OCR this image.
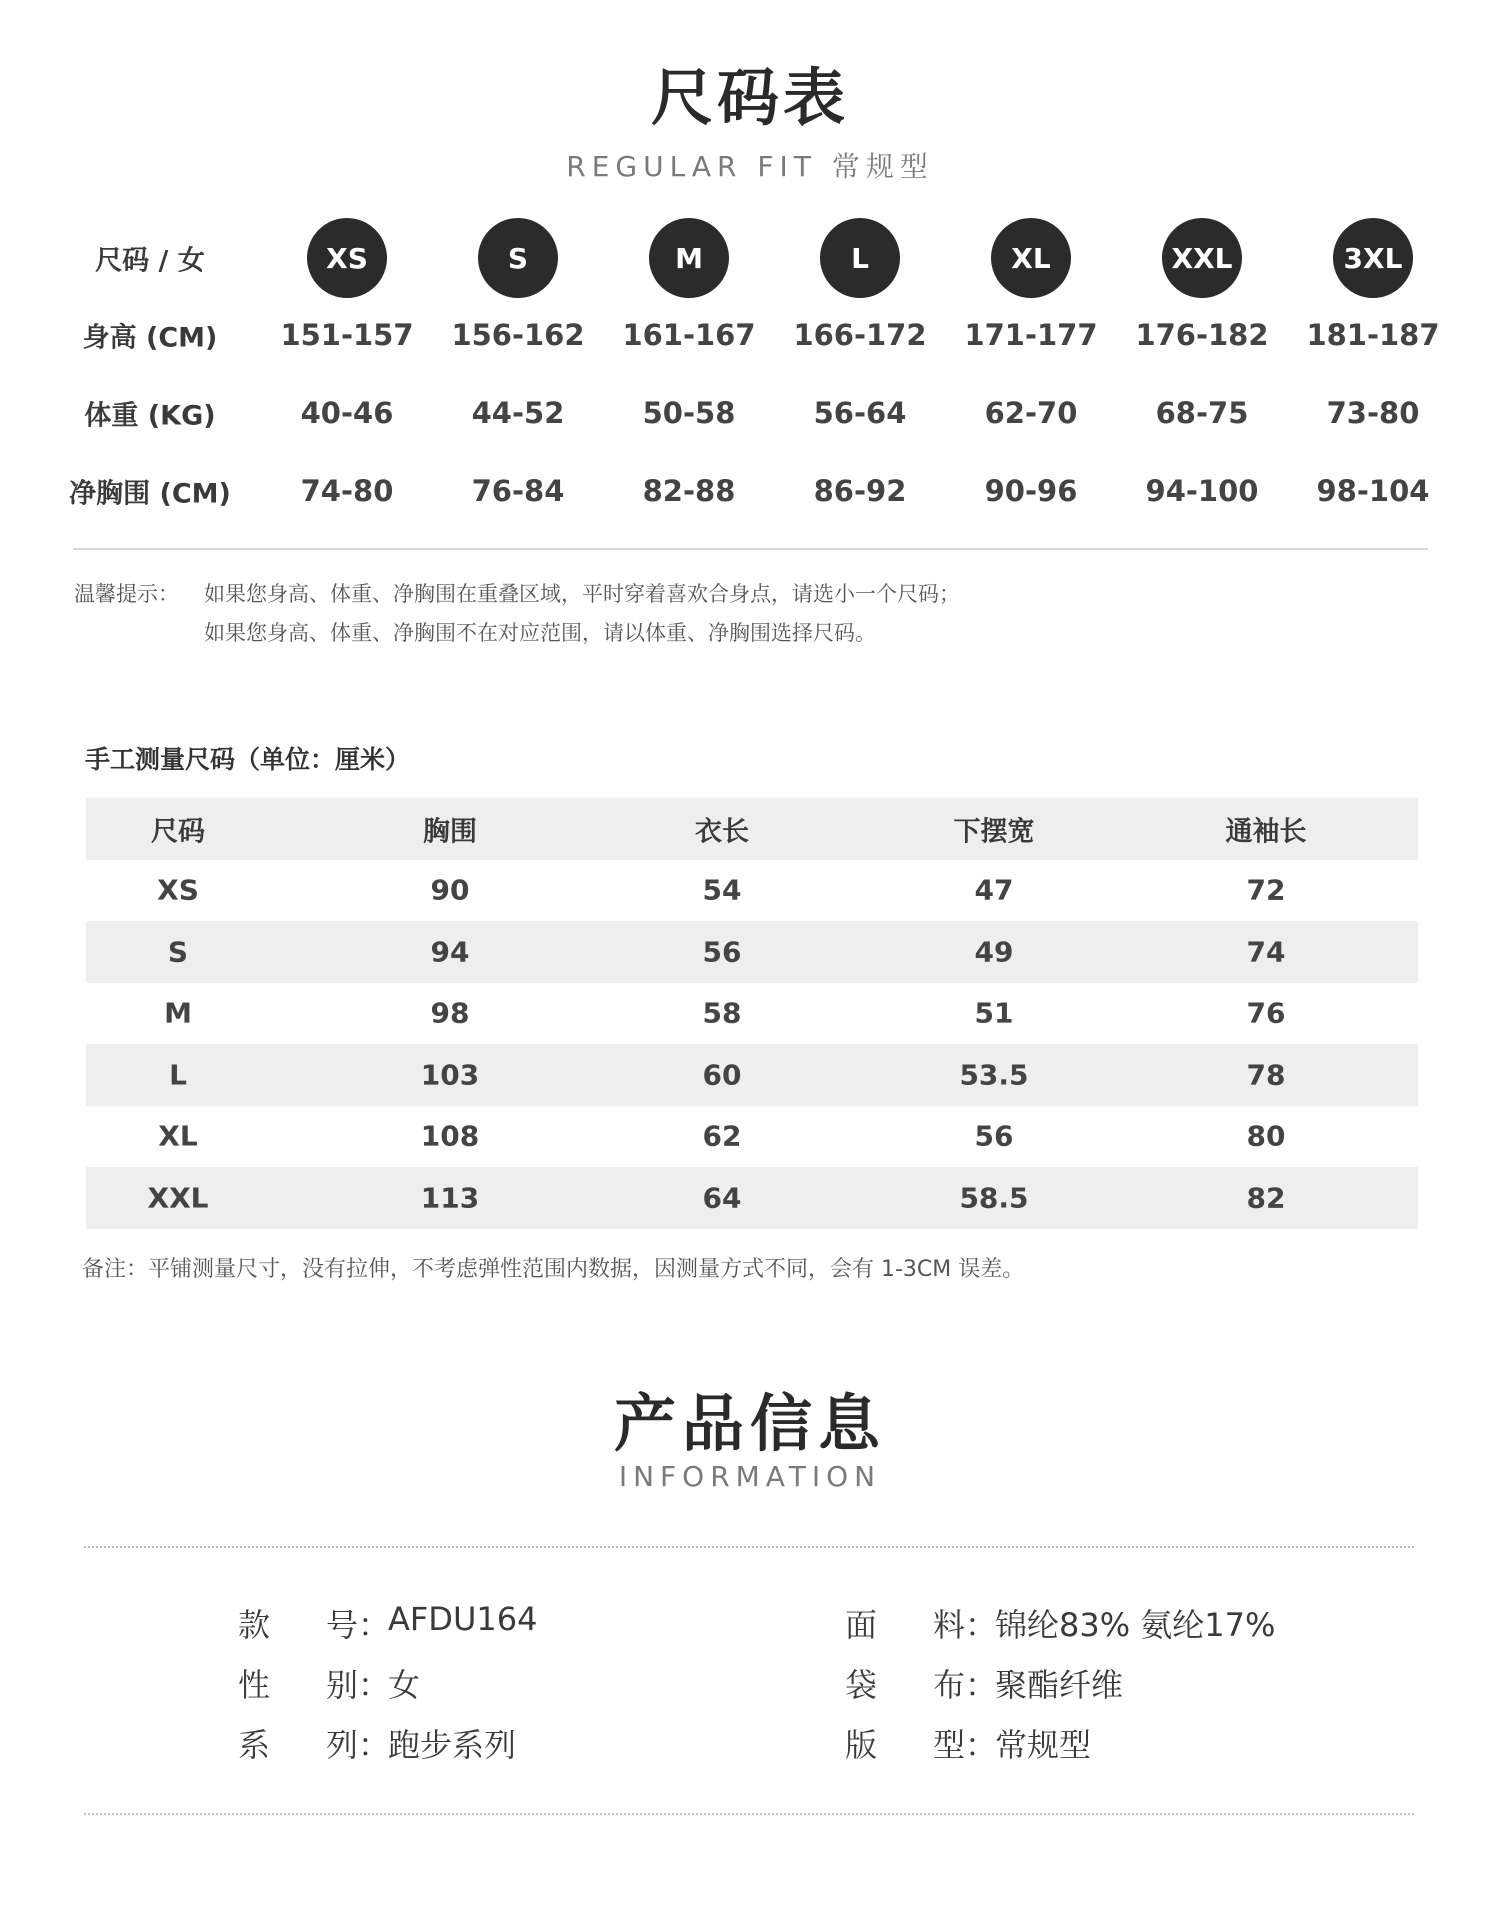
尺码表
REGULAR FIT 常规型
尺码 / 女	XS	S	M	L	XL	XXL	3XL
身高 (CM)	151-157 156-162 161-167 166-172 171-177 176-182 181-187
体重 (KG)	40-46	44-52	50-58	56-64	62-70	68-75	73-80
净胸围 (CM)	74-80	76-84	82-88	86-92	90-96	94-100	98-104
温馨提示： 如果您身高、体重、净胸围在重叠区域，平时穿着喜欢合身点，请选小一个尺码；
如果您身高、体重、净胸围不在对应范围，请以体重、净胸围选择尺码。
手工测量尺码（单位：厘米）
尺码	胸围	衣长	下摆宽	通袖长
XS	90	54	47	72
S	94	56	49	74
M	98	58	51	76
L	103	60	53.5	78
XL	108	62	56	80
XXL	113	64	58.5	82
备注：平铺测量尺寸，没有拉伸，不考虑弹性范围内数据，因测量方式不同，会有 1-3CM 误差。
产品信息
INFORMATION
款 号：
AFDU164
性 别：
女
系 列：
跑步系列
面 料：
锦纶83% 氨纶17%
袋 布：
聚酯纤维
版 型：
常规型
